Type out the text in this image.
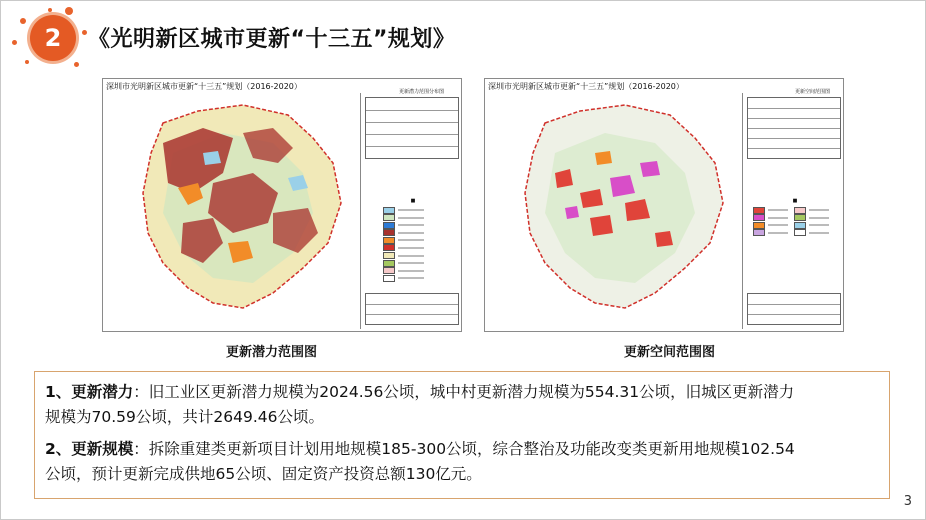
2	《光明新区城市更新“十三五”规划》
深圳市光明新区城市更新“十三五”规划（2016-2020）
更新潜力范围分布图
■
更新潜力范围图
深圳市光明新区城市更新“十三五”规划（2016-2020）
更新空间范围图
■
更新空间范围图
1、更新潜力：旧工业区更新潜力规模为2024.56公顷，城中村更新潜力规模为554.31公顷，旧城区更新潜力
规模为70.59公顷，共计2649.46公顷。
2、更新规模：拆除重建类更新项目计划用地规模185-300公顷，综合整治及功能改变类更新用地规模102.54
公顷，预计更新完成供地65公顷、固定资产投资总额130亿元。
3
